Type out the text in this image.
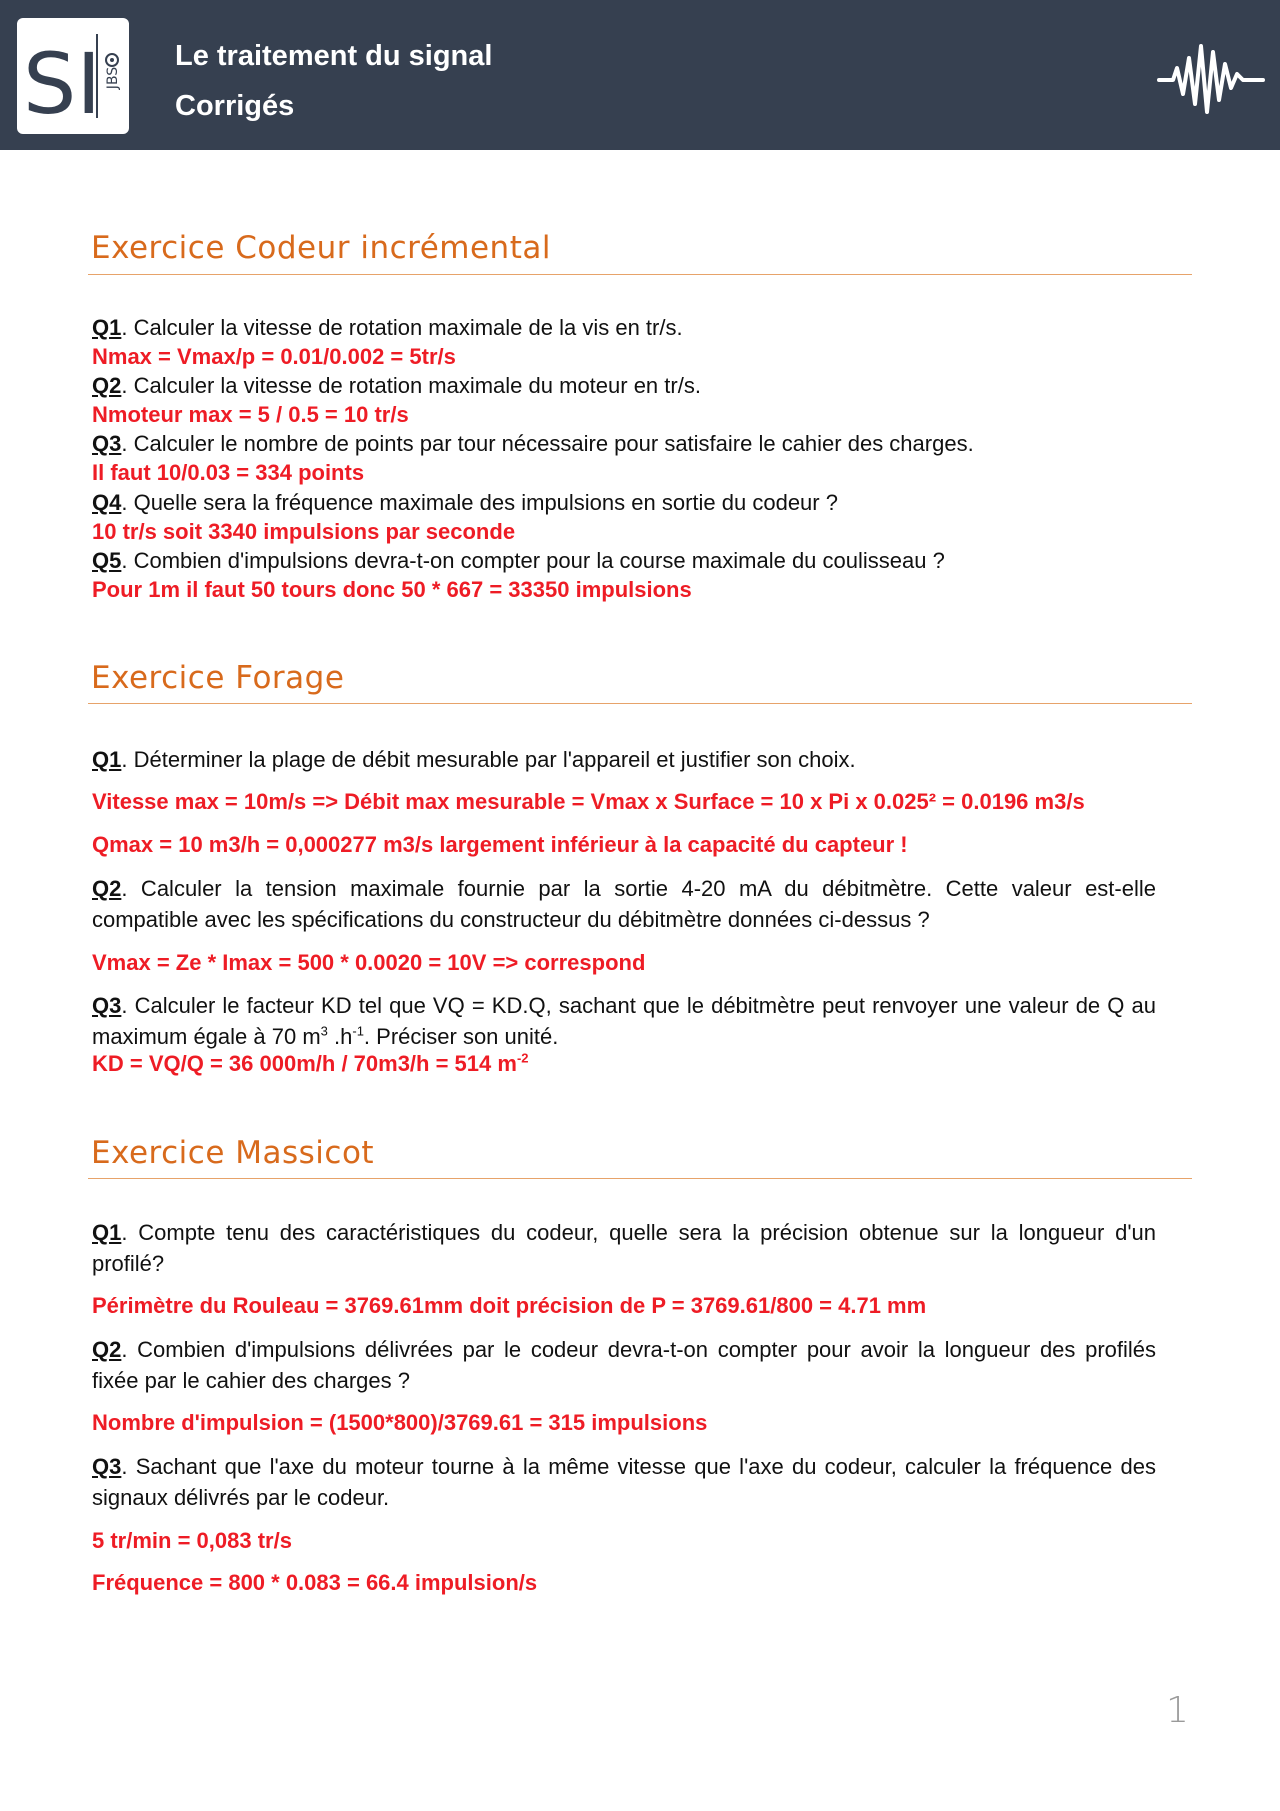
SI JBS
Le traitement du signal
Corrigés
Exercice Codeur incrémental
Q1. Calculer la vitesse de rotation maximale de la vis en tr/s.
Nmax = Vmax/p = 0.01/0.002 = 5tr/s
Q2. Calculer la vitesse de rotation maximale du moteur en tr/s.
Nmoteur max = 5 / 0.5 = 10 tr/s
Q3. Calculer le nombre de points par tour nécessaire pour satisfaire le cahier des charges.
Il faut 10/0.03 = 334 points
Q4. Quelle sera la fréquence maximale des impulsions en sortie du codeur ?
10 tr/s soit 3340 impulsions par seconde
Q5. Combien d'impulsions devra-t-on compter pour la course maximale du coulisseau ?
Pour 1m il faut 50 tours donc 50 * 667 = 33350 impulsions
Exercice Forage
Q1. Déterminer la plage de débit mesurable par l'appareil et justifier son choix.
Vitesse max = 10m/s => Débit max mesurable = Vmax x Surface = 10 x Pi x 0.025² = 0.0196 m3/s
Qmax = 10 m3/h = 0,000277 m3/s largement inférieur à la capacité du capteur !
Q2. Calculer la tension maximale fournie par la sortie 4-20 mA du débitmètre. Cette valeur est-elle compatible avec les spécifications du constructeur du débitmètre données ci-dessus ?
Vmax = Ze * Imax = 500 * 0.0020 = 10V => correspond
Q3. Calculer le facteur KD tel que VQ = KD.Q, sachant que le débitmètre peut renvoyer une valeur de Q au maximum égale à 70 $m^3$ $.h^{-1}$. Préciser son unité.
KD = VQ/Q = 36 000m/h / 70m3/h = 514 $m^{-2}$
Exercice Massicot
Q1. Compte tenu des caractéristiques du codeur, quelle sera la précision obtenue sur la longueur d'un profilé?
Périmètre du Rouleau = 3769.61mm doit précision de P = 3769.61/800 = 4.71 mm
Q2. Combien d'impulsions délivrées par le codeur devra-t-on compter pour avoir la longueur des profilés fixée par le cahier des charges ?
Nombre d'impulsion = (1500*800)/3769.61 = 315 impulsions
Q3. Sachant que l'axe du moteur tourne à la même vitesse que l'axe du codeur, calculer la fréquence des signaux délivrés par le codeur.
5 tr/min = 0,083 tr/s
Fréquence = 800 * 0.083 = 66.4 impulsion/s
1
